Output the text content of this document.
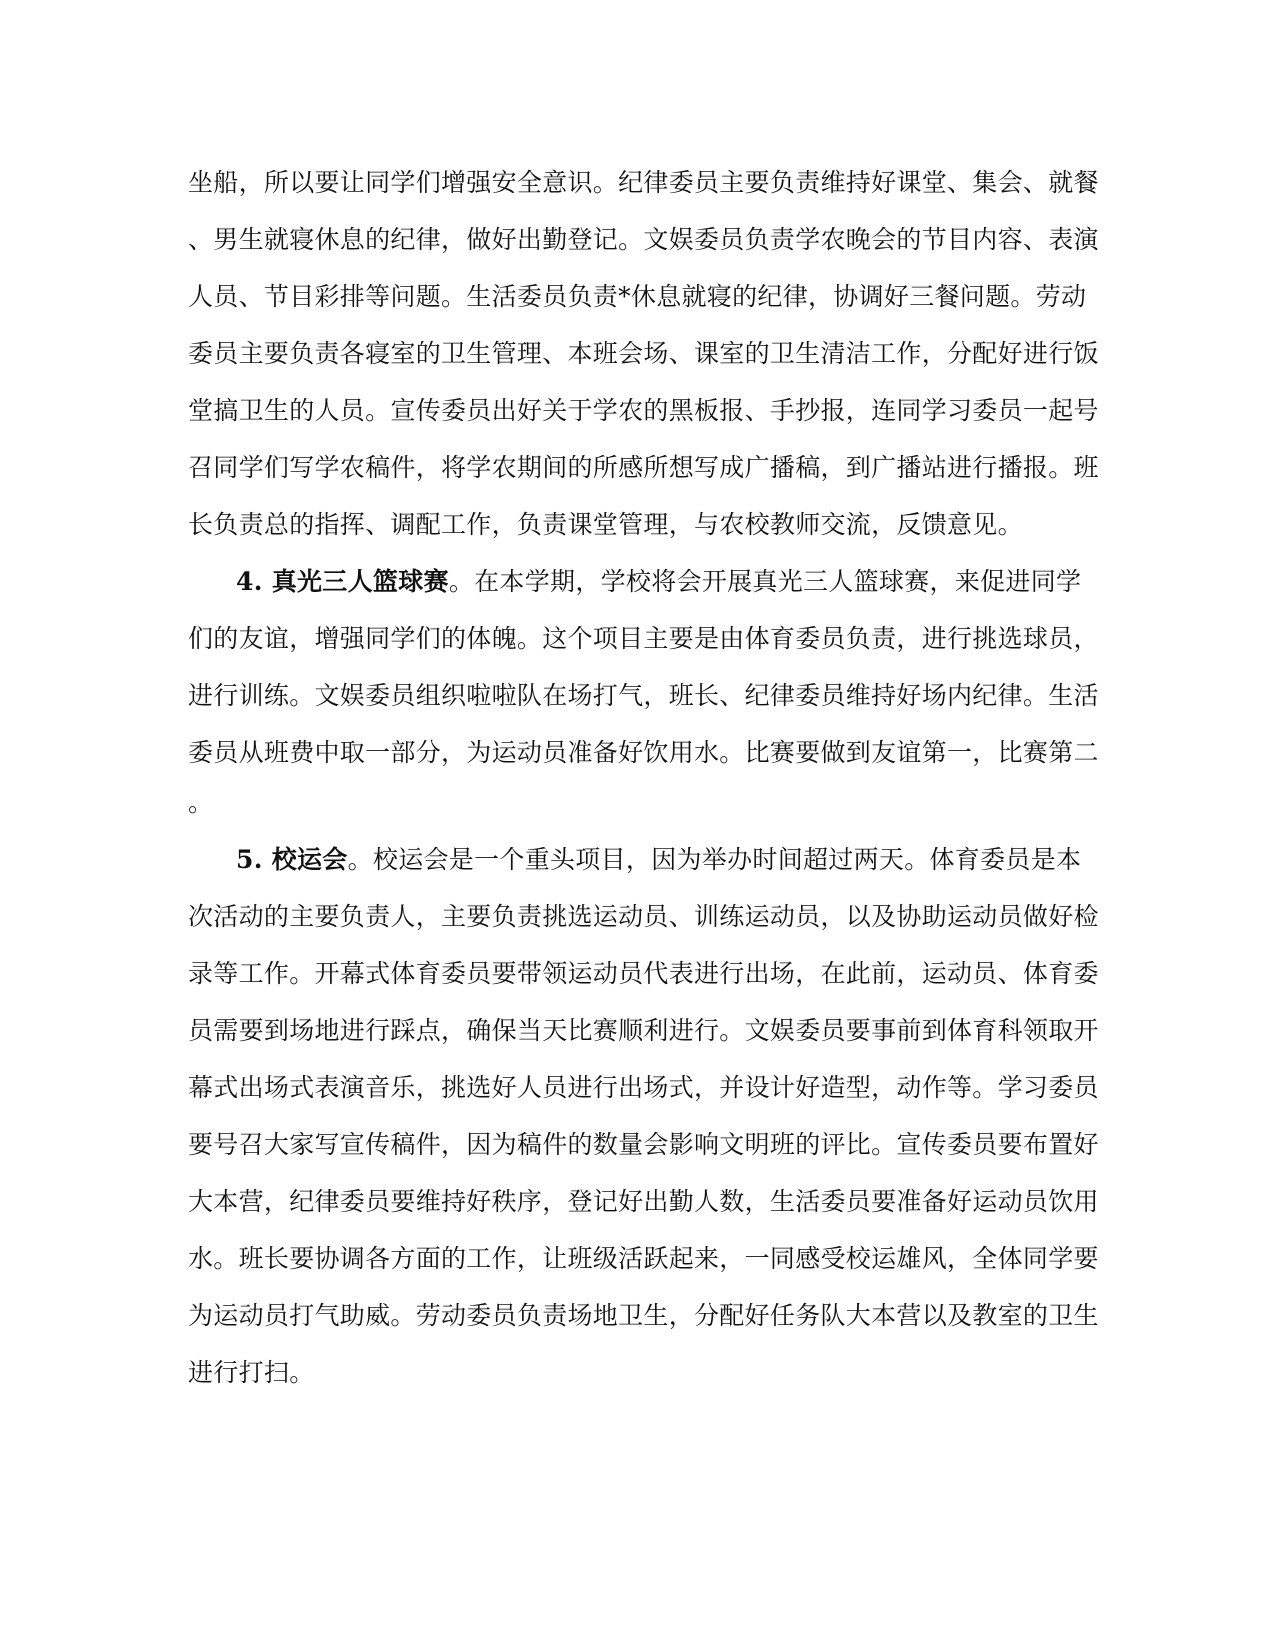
坐船，所以要让同学们增强安全意识。纪律委员主要负责维持好课堂、集会、就餐
、男生就寝休息的纪律，做好出勤登记。文娱委员负责学农晚会的节目内容、表演
人员、节目彩排等问题。生活委员负责*休息就寝的纪律，协调好三餐问题。劳动
委员主要负责各寝室的卫生管理、本班会场、课室的卫生清洁工作，分配好进行饭
堂搞卫生的人员。宣传委员出好关于学农的黑板报、手抄报，连同学习委员一起号
召同学们写学农稿件，将学农期间的所感所想写成广播稿，到广播站进行播报。班
长负责总的指挥、调配工作，负责课堂管理，与农校教师交流，反馈意见。
4. 真光三人篮球赛。在本学期，学校将会开展真光三人篮球赛，来促进同学
们的友谊，增强同学们的体魄。这个项目主要是由体育委员负责，进行挑选球员，
进行训练。文娱委员组织啦啦队在场打气，班长、纪律委员维持好场内纪律。生活
委员从班费中取一部分，为运动员准备好饮用水。比赛要做到友谊第一，比赛第二
。
5. 校运会。校运会是一个重头项目，因为举办时间超过两天。体育委员是本
次活动的主要负责人，主要负责挑选运动员、训练运动员，以及协助运动员做好检
录等工作。开幕式体育委员要带领运动员代表进行出场，在此前，运动员、体育委
员需要到场地进行踩点，确保当天比赛顺利进行。文娱委员要事前到体育科领取开
幕式出场式表演音乐，挑选好人员进行出场式，并设计好造型，动作等。学习委员
要号召大家写宣传稿件，因为稿件的数量会影响文明班的评比。宣传委员要布置好
大本营，纪律委员要维持好秩序，登记好出勤人数，生活委员要准备好运动员饮用
水。班长要协调各方面的工作，让班级活跃起来，一同感受校运雄风，全体同学要
为运动员打气助威。劳动委员负责场地卫生，分配好任务队大本营以及教室的卫生
进行打扫。
